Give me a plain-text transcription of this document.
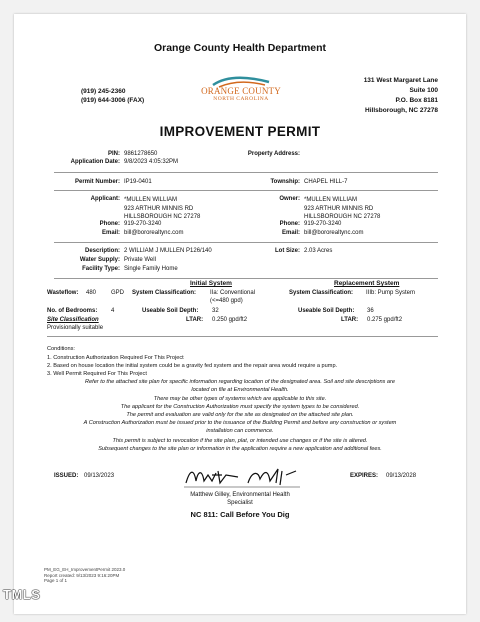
Orange County Health Department
(919) 245-2360
(919) 644-3006 (FAX)
ORANGE COUNTY
NORTH CAROLINA
131 West Margaret Lane
Suite 100
P.O. Box 8181
Hillsborough, NC 27278
IMPROVEMENT PERMIT
PIN: 9861278650
Application Date: 9/8/2023 4:05:32PM
Property Address:
Permit Number: IP19-0401	Township: CHAPEL HILL-7
Applicant: *MULLEN WILLIAM
923 ARTHUR MINNIS RD
HILLSBOROUGH NC 27278
Phone: 919-270-3240
Email: bill@bororealtync.com
Owner: *MULLEN WILLIAM
923 ARTHUR MINNIS RD
HILLSBOROUGH NC 27278
Phone: 919-270-3240
Email: bill@bororealtync.com
Description: 2 WILLIAM J MULLEN P126/140	Lot Size: 2.03 Acres
Water Supply: Private Well
Facility Type: Single Family Home
Initial System	Replacement System
Wasteflow: 480 GPD System Classification: IIa: Conventional
(<=480 gpd)
System Classification: IIIb: Pump System
No. of Bedrooms: 4	Useable Soil Depth: 32	Useable Soil Depth: 36
Site Classification
Provisionally suitable
LTAR: 0.250 gpd/ft2	LTAR: 0.275 gpd/ft2
Conditions:
1. Construction Authorization Required For This Project
2. Based on house location the initial system could be a gravity fed system and the repair area would require a pump.
3. Well Permit Required For This Project
Refer to the attached site plan for specific information regarding location of the designated area. Soil and site descriptions are
located on file at Environmental Health.
There may be other types of systems which are applicable to this site.
The applicant for the Construction Authorization must specify the system types to be considered.
The permit and evaluation are valid only for the site as designated on the attached site plan.
A Construction Authorization must be issued prior to the issuance of the Building Permit and before any construction or system
installation can commence.
This permit is subject to revocation if the site plan, plat, or intended use changes or if the site is altered.
Subsequent changes to the site plan or information in the application require a new application and additional fees.
ISSUED: 09/13/2023	EXPIRES: 09/13/2028
Matthew Gilley, Environmental Health
Specialist
NC 811: Call Before You Dig
PM_EG_EH_ImprovementPermit 2023.0
Report created: 9/13/2023 9:16:20PM
Page 1 of 1
TMLS
